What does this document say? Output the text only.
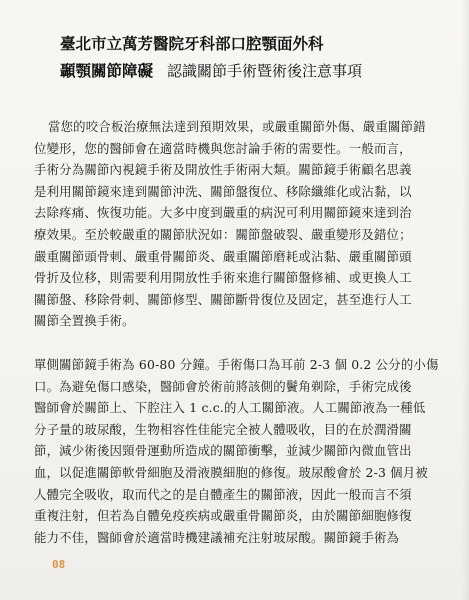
臺北市立萬芳醫院牙科部口腔顎面外科
顳顎關節障礙 認識關節手術暨術後注意事項
當您的咬合板治療無法達到預期效果，或嚴重關節外傷、嚴重關節錯
位變形，您的醫師會在適當時機與您討論手術的需要性。一般而言，
手術分為關節內視鏡手術及開放性手術兩大類。關節鏡手術顧名思義
是利用關節鏡來達到關節沖洗、關節盤復位、移除纖維化或沾黏，以
去除疼痛、恢復功能。大多中度到嚴重的病況可利用關節鏡來達到治
療效果。至於較嚴重的關節狀況如：關節盤破裂、嚴重變形及錯位；
嚴重關節頭骨刺、嚴重骨關節炎、嚴重關節磨耗或沾黏、嚴重關節頭
骨折及位移，則需要利用開放性手術來進行關節盤修補、或更換人工
關節盤、移除骨刺、關節修型、關節斷骨復位及固定，甚至進行人工
關節全置換手術。
單側關節鏡手術為 60-80 分鐘。手術傷口為耳前 2-3 個 0.2 公分的小傷
口。為避免傷口感染，醫師會於術前將該側的鬢角剃除，手術完成後
醫師會於關節上、下腔注入 1 c.c.的人工關節液。人工關節液為一種低
分子量的玻尿酸，生物相容性佳能完全被人體吸收，目的在於潤滑關
節，減少術後因頸骨運動所造成的關節衝擊，並減少關節內微血管出
血，以促進關節軟骨細胞及滑液膜細胞的修復。玻尿酸會於 2-3 個月被
人體完全吸收，取而代之的是自體產生的關節液，因此一般而言不須
重複注射，但若為自體免疫疾病或嚴重骨關節炎，由於關節細胞修復
能力不佳，醫師會於適當時機建議補充注射玻尿酸。關節鏡手術為
08
